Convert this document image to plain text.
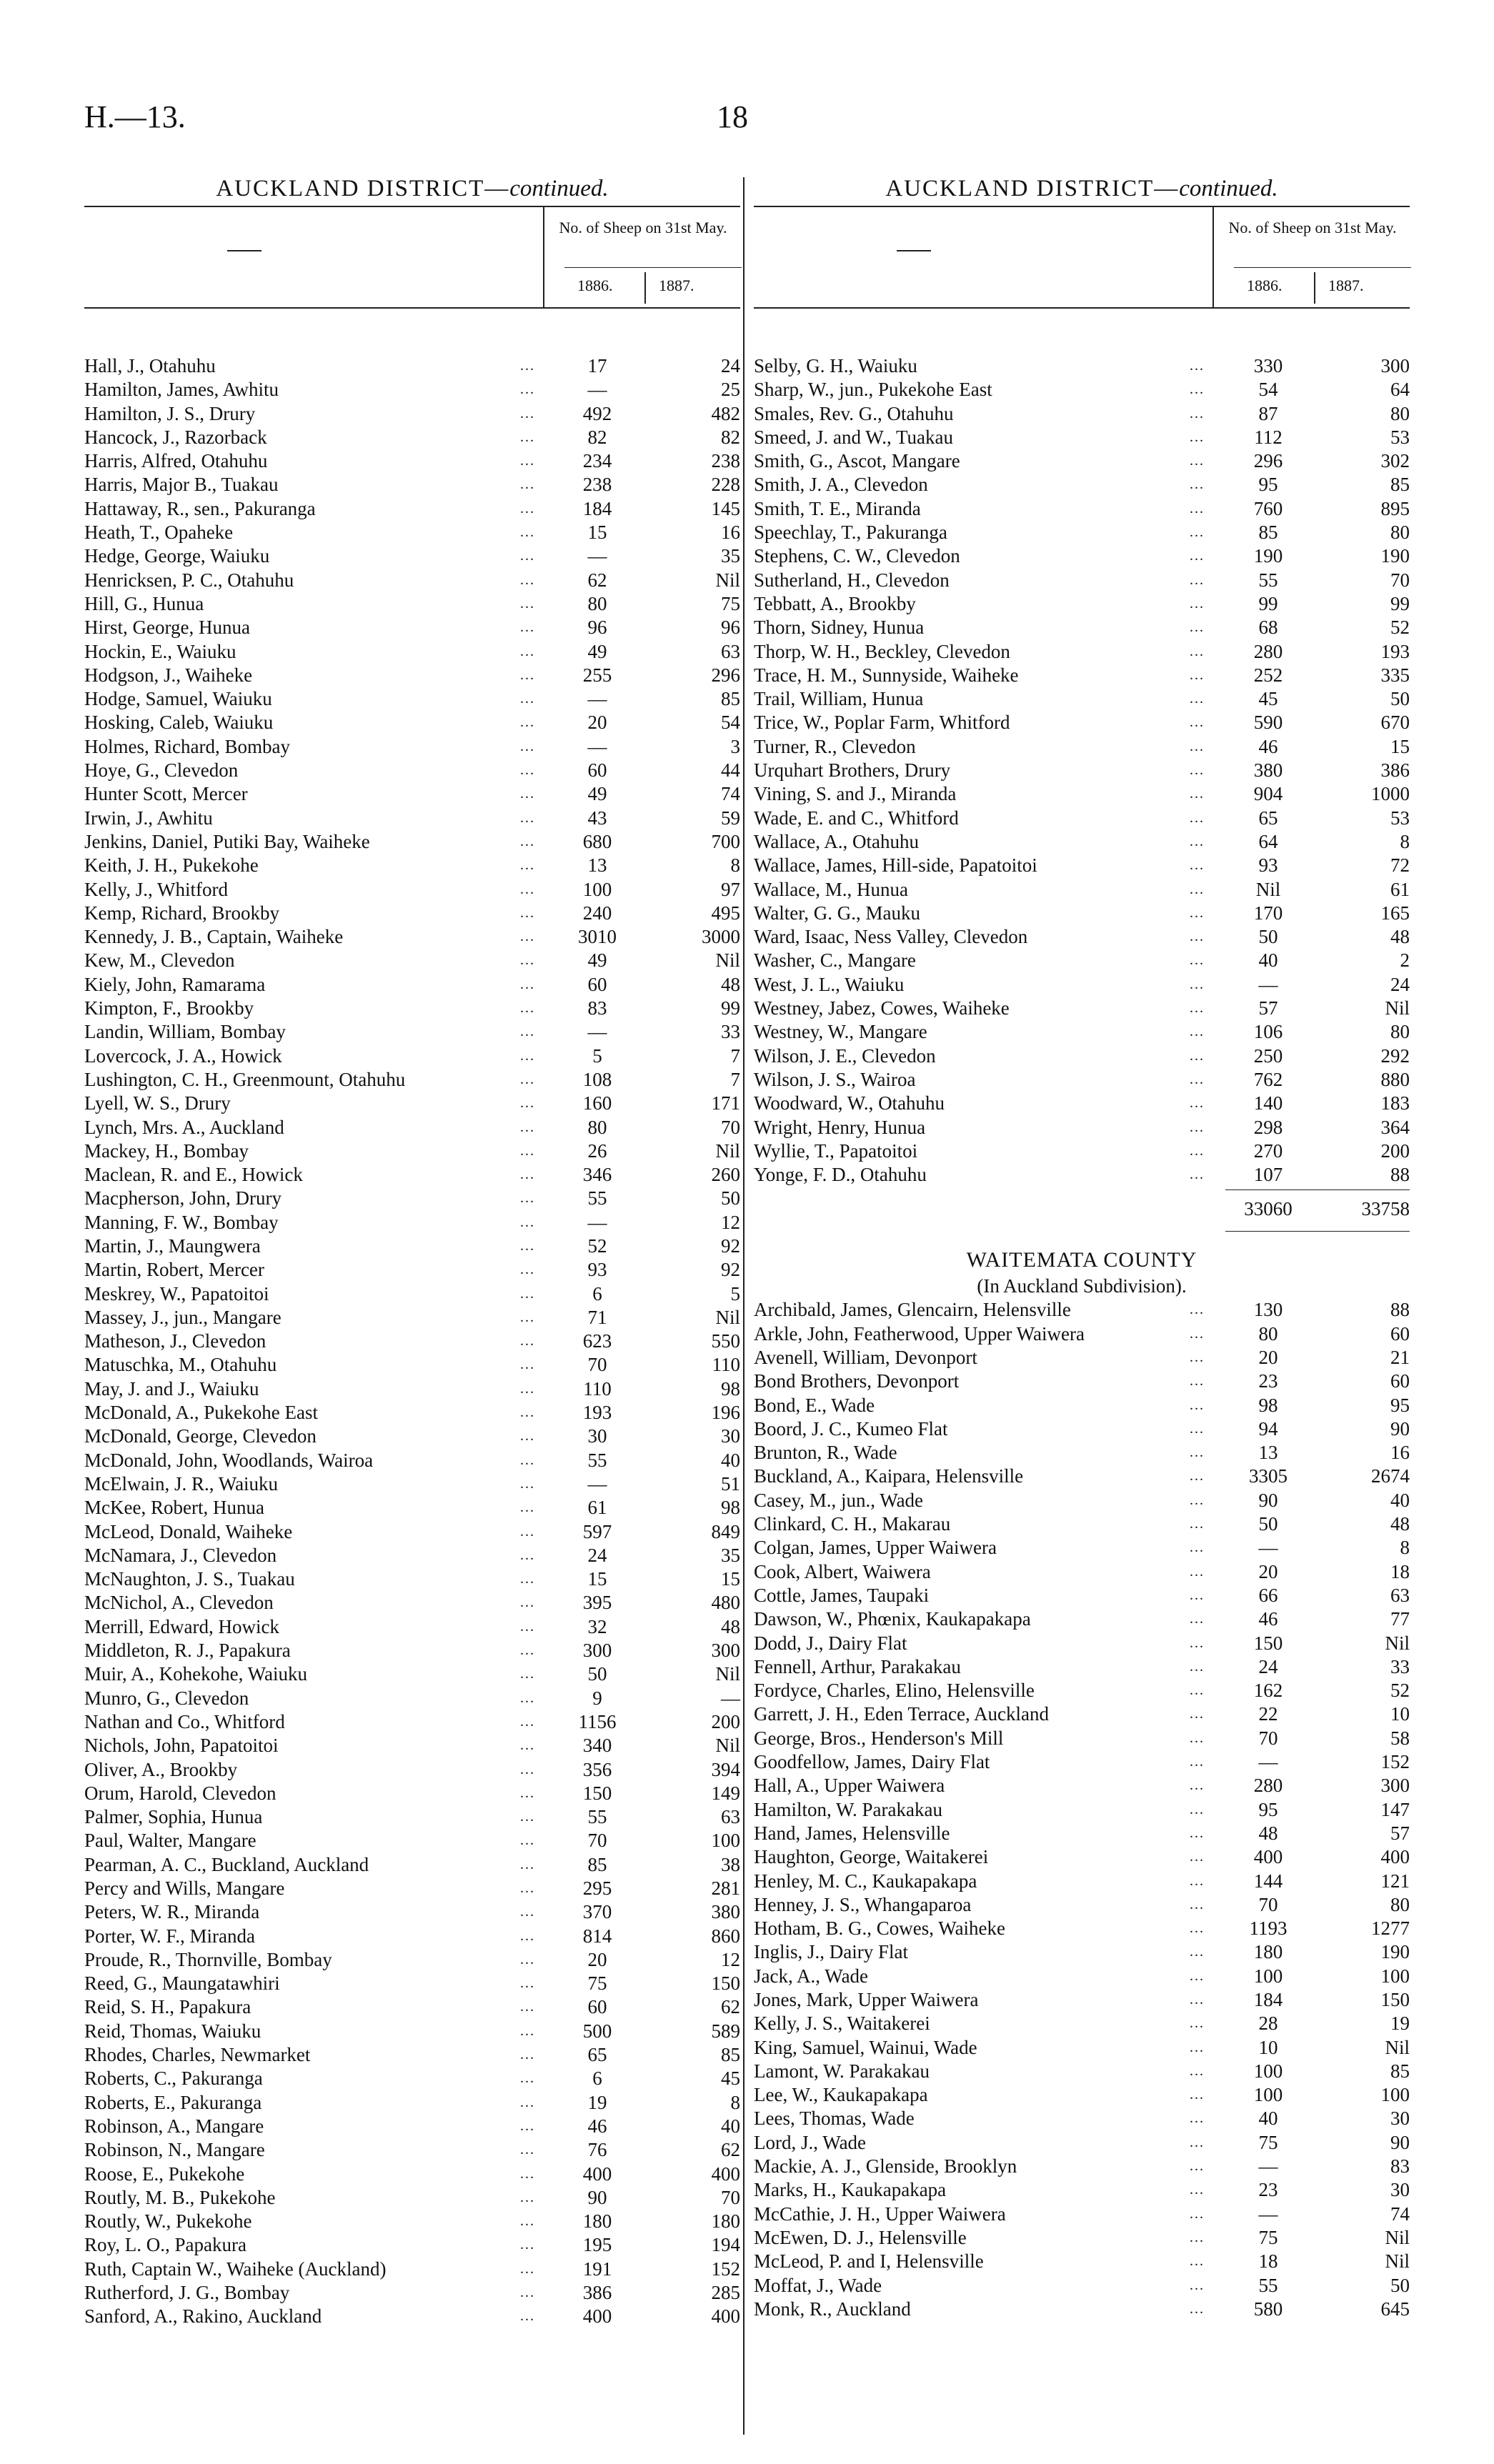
H.—13.	18
AUCKLAND DISTRICT—continued.
No. of Sheep on 31st May.
1886.	1887.
Hall, J., Otahuhu	17	24
...
Hamilton, James, Awhitu	—	25
...
Hamilton, J. S., Drury	492	482
...
Hancock, J., Razorback	82	82
...
Harris, Alfred, Otahuhu	234	238
...
Harris, Major B., Tuakau	238	228
...
Hattaway, R., sen., Pakuranga	184	145
...
Heath, T., Opaheke	15	16
...
Hedge, George, Waiuku	—	35
...
Henricksen, P. C., Otahuhu	62	Nil
...
Hill, G., Hunua	80	75
...
Hirst, George, Hunua	96	96
...
Hockin, E., Waiuku	49	63
...
Hodgson, J., Waiheke	255	296
...
Hodge, Samuel, Waiuku	—	85
...
Hosking, Caleb, Waiuku	20	54
...
Holmes, Richard, Bombay	—	3
...
Hoye, G., Clevedon	60	44
...
Hunter Scott, Mercer	49	74
...
Irwin, J., Awhitu	43	59
...
Jenkins, Daniel, Putiki Bay, Waiheke	680	700
...
Keith, J. H., Pukekohe	13	8
...
Kelly, J., Whitford	100	97
...
Kemp, Richard, Brookby	240	495
...
Kennedy, J. B., Captain, Waiheke	3010	3000
...
Kew, M., Clevedon	49	Nil
...
Kiely, John, Ramarama	60	48
...
Kimpton, F., Brookby	83	99
...
Landin, William, Bombay	—	33
...
Lovercock, J. A., Howick	5	7
...
Lushington, C. H., Greenmount, Otahuhu	108	7
...
Lyell, W. S., Drury	160	171
...
Lynch, Mrs. A., Auckland	80	70
...
Mackey, H., Bombay	26	Nil
...
Maclean, R. and E., Howick	346	260
...
Macpherson, John, Drury	55	50
...
Manning, F. W., Bombay	—	12
...
Martin, J., Maungwera	52	92
...
Martin, Robert, Mercer	93	92
...
Meskrey, W., Papatoitoi	6	5
...
Massey, J., jun., Mangare	71	Nil
...
Matheson, J., Clevedon	623	550
...
Matuschka, M., Otahuhu	70	110
...
May, J. and J., Waiuku	110	98
...
McDonald, A., Pukekohe East	193	196
...
McDonald, George, Clevedon	30	30
...
McDonald, John, Woodlands, Wairoa	55	40
...
McElwain, J. R., Waiuku	—	51
...
McKee, Robert, Hunua	61	98
...
McLeod, Donald, Waiheke	597	849
...
McNamara, J., Clevedon	24	35
...
McNaughton, J. S., Tuakau	15	15
...
McNichol, A., Clevedon	395	480
...
Merrill, Edward, Howick	32	48
...
Middleton, R. J., Papakura	300	300
...
Muir, A., Kohekohe, Waiuku	50	Nil
...
Munro, G., Clevedon	9	—
...
Nathan and Co., Whitford	1156	200
...
Nichols, John, Papatoitoi	340	Nil
...
Oliver, A., Brookby	356	394
...
Orum, Harold, Clevedon	150	149
...
Palmer, Sophia, Hunua	55	63
...
Paul, Walter, Mangare	70	100
...
Pearman, A. C., Buckland, Auckland	85	38
...
Percy and Wills, Mangare	295	281
...
Peters, W. R., Miranda	370	380
...
Porter, W. F., Miranda	814	860
...
Proude, R., Thornville, Bombay	20	12
...
Reed, G., Maungatawhiri	75	150
...
Reid, S. H., Papakura	60	62
...
Reid, Thomas, Waiuku	500	589
...
Rhodes, Charles, Newmarket	65	85
...
Roberts, C., Pakuranga	6	45
...
Roberts, E., Pakuranga	19	8
...
Robinson, A., Mangare	46	40
...
Robinson, N., Mangare	76	62
...
Roose, E., Pukekohe	400	400
...
Routly, M. B., Pukekohe	90	70
...
Routly, W., Pukekohe	180	180
...
Roy, L. O., Papakura	195	194
...
Ruth, Captain W., Waiheke (Auckland)	191	152
...
Rutherford, J. G., Bombay	386	285
...
Sanford, A., Rakino, Auckland	400	400
...
AUCKLAND DISTRICT—continued.
No. of Sheep on 31st May.
1886.	1887.
Selby, G. H., Waiuku	330	300
...
Sharp, W., jun., Pukekohe East	54	64
...
Smales, Rev. G., Otahuhu	87	80
...
Smeed, J. and W., Tuakau	112	53
...
Smith, G., Ascot, Mangare	296	302
...
Smith, J. A., Clevedon	95	85
...
Smith, T. E., Miranda	760	895
...
Speechlay, T., Pakuranga	85	80
...
Stephens, C. W., Clevedon	190	190
...
Sutherland, H., Clevedon	55	70
...
Tebbatt, A., Brookby	99	99
...
Thorn, Sidney, Hunua	68	52
...
Thorp, W. H., Beckley, Clevedon	280	193
...
Trace, H. M., Sunnyside, Waiheke	252	335
...
Trail, William, Hunua	45	50
...
Trice, W., Poplar Farm, Whitford	590	670
...
Turner, R., Clevedon	46	15
...
Urquhart Brothers, Drury	380	386
...
Vining, S. and J., Miranda	904	1000
...
Wade, E. and C., Whitford	65	53
...
Wallace, A., Otahuhu	64	8
...
Wallace, James, Hill-side, Papatoitoi	93	72
...
Wallace, M., Hunua	Nil	61
...
Walter, G. G., Mauku	170	165
...
Ward, Isaac, Ness Valley, Clevedon	50	48
...
Washer, C., Mangare	40	2
...
West, J. L., Waiuku	—	24
...
Westney, Jabez, Cowes, Waiheke	57	Nil
...
Westney, W., Mangare	106	80
...
Wilson, J. E., Clevedon	250	292
...
Wilson, J. S., Wairoa	762	880
...
Woodward, W., Otahuhu	140	183
...
Wright, Henry, Hunua	298	364
...
Wyllie, T., Papatoitoi	270	200
...
Yonge, F. D., Otahuhu	107	88
...
33060	33758
WAITEMATA COUNTY
(In Auckland Subdivision).
Archibald, James, Glencairn, Helensville	130	88
...
Arkle, John, Featherwood, Upper Waiwera	80	60
...
Avenell, William, Devonport	20	21
...
Bond Brothers, Devonport	23	60
...
Bond, E., Wade	98	95
...
Boord, J. C., Kumeo Flat	94	90
...
Brunton, R., Wade	13	16
...
Buckland, A., Kaipara, Helensville	3305	2674
...
Casey, M., jun., Wade	90	40
...
Clinkard, C. H., Makarau	50	48
...
Colgan, James, Upper Waiwera	—	8
...
Cook, Albert, Waiwera	20	18
...
Cottle, James, Taupaki	66	63
...
Dawson, W., Phœnix, Kaukapakapa	46	77
...
Dodd, J., Dairy Flat	150	Nil
...
Fennell, Arthur, Parakakau	24	33
...
Fordyce, Charles, Elino, Helensville	162	52
...
Garrett, J. H., Eden Terrace, Auckland	22	10
...
George, Bros., Henderson's Mill	70	58
...
Goodfellow, James, Dairy Flat	—	152
...
Hall, A., Upper Waiwera	280	300
...
Hamilton, W. Parakakau	95	147
...
Hand, James, Helensville	48	57
...
Haughton, George, Waitakerei	400	400
...
Henley, M. C., Kaukapakapa	144	121
...
Henney, J. S., Whangaparoa	70	80
...
Hotham, B. G., Cowes, Waiheke	1193	1277
...
Inglis, J., Dairy Flat	180	190
...
Jack, A., Wade	100	100
...
Jones, Mark, Upper Waiwera	184	150
...
Kelly, J. S., Waitakerei	28	19
...
King, Samuel, Wainui, Wade	10	Nil
...
Lamont, W. Parakakau	100	85
...
Lee, W., Kaukapakapa	100	100
...
Lees, Thomas, Wade	40	30
...
Lord, J., Wade	75	90
...
Mackie, A. J., Glenside, Brooklyn	—	83
...
Marks, H., Kaukapakapa	23	30
...
McCathie, J. H., Upper Waiwera	—	74
...
McEwen, D. J., Helensville	75	Nil
...
McLeod, P. and I, Helensville	18	Nil
...
Moffat, J., Wade	55	50
...
Monk, R., Auckland	580	645
...
